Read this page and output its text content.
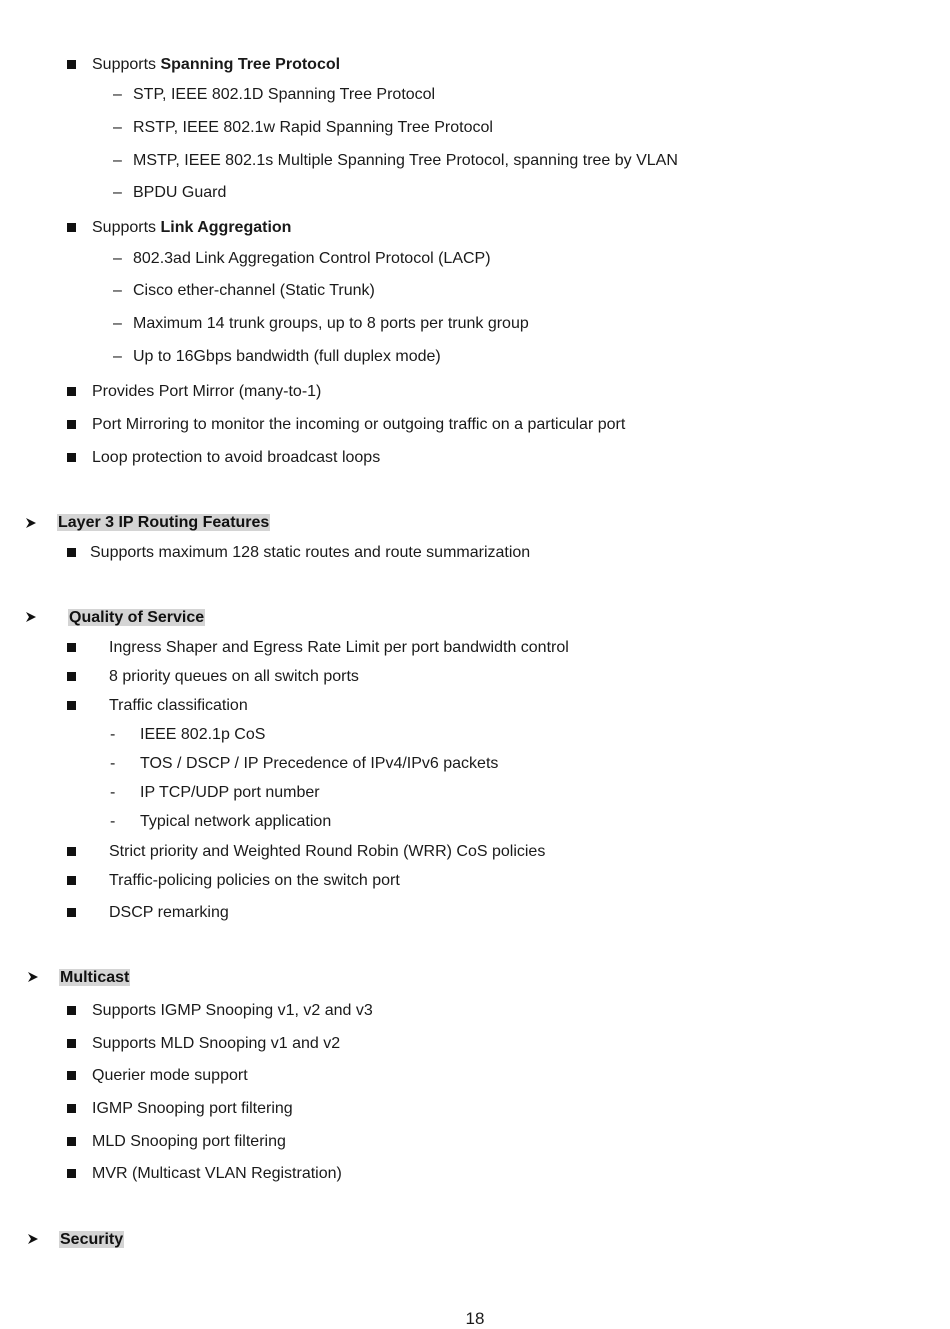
Supports Spanning Tree Protocol
– STP, IEEE 802.1D Spanning Tree Protocol
– RSTP, IEEE 802.1w Rapid Spanning Tree Protocol
– MSTP, IEEE 802.1s Multiple Spanning Tree Protocol, spanning tree by VLAN
– BPDU Guard
Supports Link Aggregation
– 802.3ad Link Aggregation Control Protocol (LACP)
– Cisco ether-channel (Static Trunk)
– Maximum 14 trunk groups, up to 8 ports per trunk group
– Up to 16Gbps bandwidth (full duplex mode)
Provides Port Mirror (many-to-1)
Port Mirroring to monitor the incoming or outgoing traffic on a particular port
Loop protection to avoid broadcast loops
Layer 3 IP Routing Features
Supports maximum 128 static routes and route summarization
Quality of Service
Ingress Shaper and Egress Rate Limit per port bandwidth control
8 priority queues on all switch ports
Traffic classification
- IEEE 802.1p CoS
- TOS / DSCP / IP Precedence of IPv4/IPv6 packets
- IP TCP/UDP port number
- Typical network application
Strict priority and Weighted Round Robin (WRR) CoS policies
Traffic-policing policies on the switch port
DSCP remarking
Multicast
Supports IGMP Snooping v1, v2 and v3
Supports MLD Snooping v1 and v2
Querier mode support
IGMP Snooping port filtering
MLD Snooping port filtering
MVR (Multicast VLAN Registration)
Security
18
